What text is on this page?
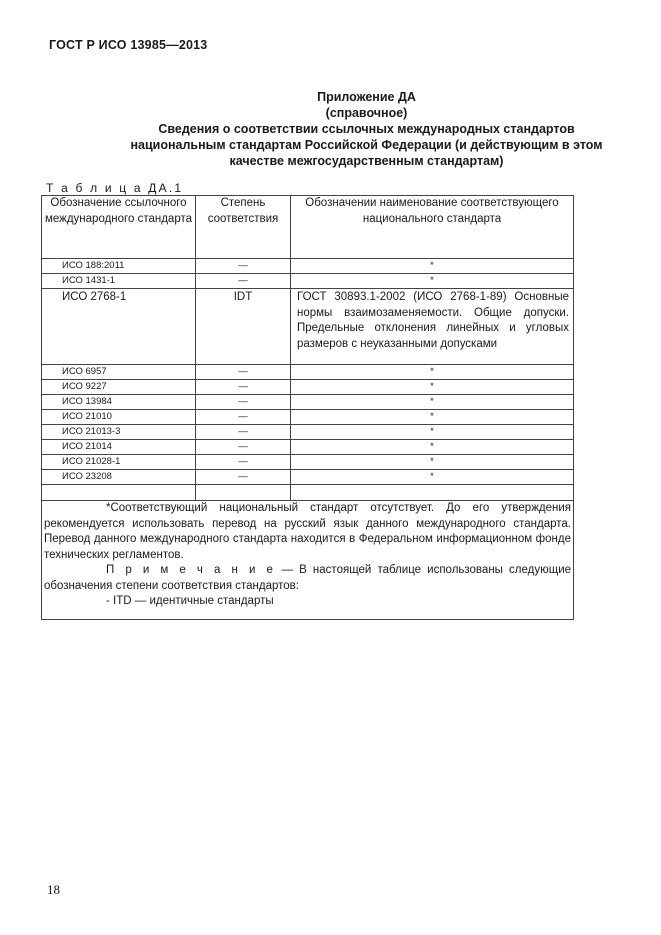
ГОСТ Р ИСО 13985—2013
Приложение ДА
(справочное)
Сведения о соответствии ссылочных международных стандартов
национальным стандартам Российской Федерации (и действующим в этом
качестве межгосударственным стандартам)
Т а б л и ц а ДА.1
Обозначение ссылочного международного стандарта	Степень соответствия	Обозначении наименование соответствующего национального стандарта
ИСО 188:2011	—	*
ИСО 1431-1	—	*
ИСО 2768-1	IDT	ГОСТ 30893.1-2002 (ИСО 2768-1-89) Основные нормы взаимозаменяемости. Общие допуски. Предельные отклонения линейных и угловых размеров с неуказанными допусками
ИСО 6957	—	*
ИСО 9227	—	*
ИСО 13984	—	*
ИСО 21010	—	*
ИСО 21013-3	—	*
ИСО 21014	—	*
ИСО 21028-1	—	*
ИСО 23208	—	*

*Соответствующий национальный стандарт отсутствует. До его утверждения рекомендуется использовать перевод на русский язык данного международного стандарта. Перевод данного международного стандарта находится в Федеральном информационном фонде технических регламентов.

П р и м е ч а н и е — В настоящей таблице использованы следующие обозначения степени соответствия стандартов:

- ITD — идентичные стандарты		

18
